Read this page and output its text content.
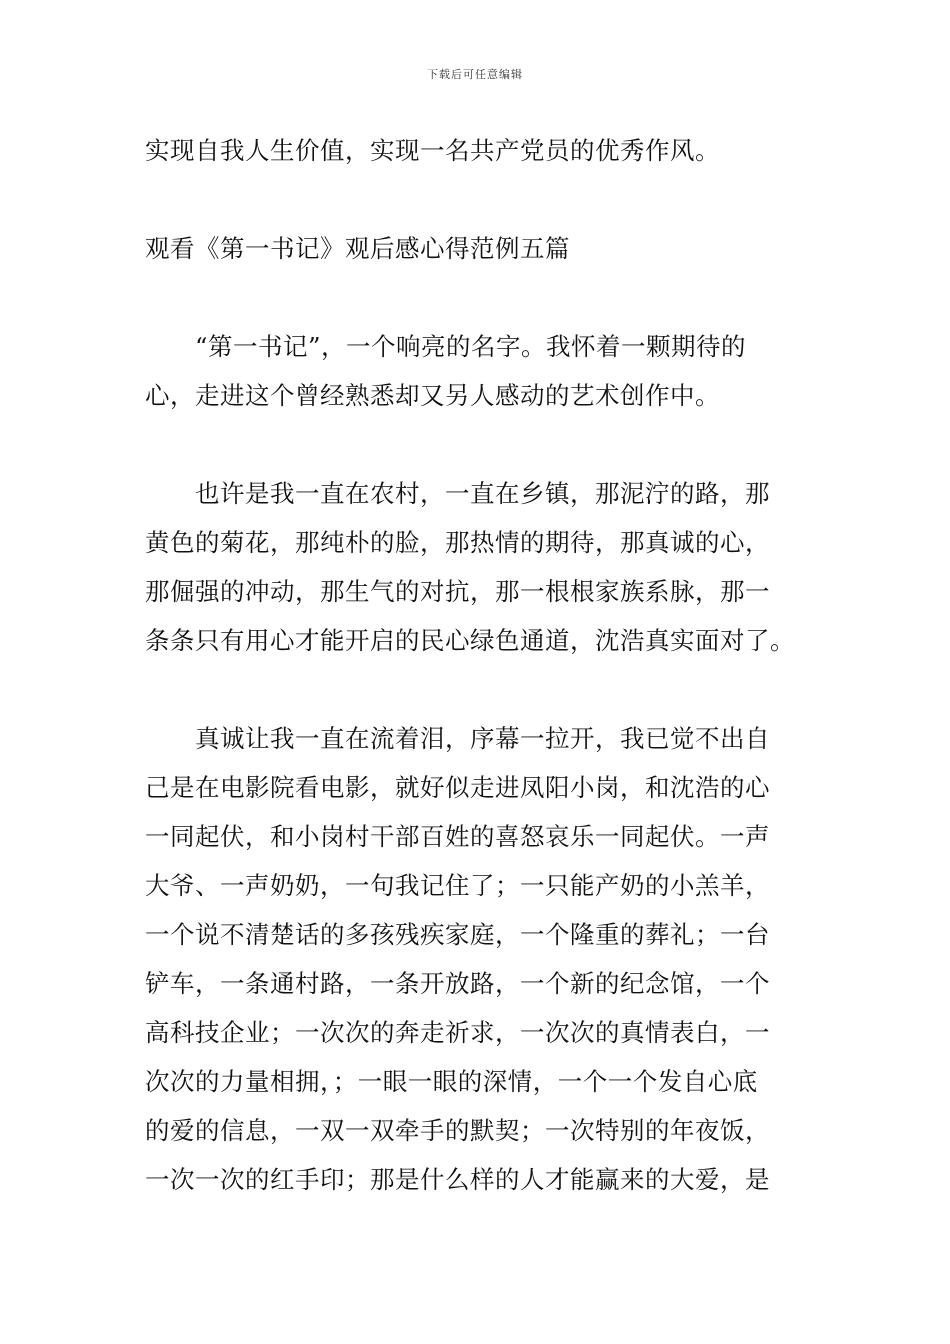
下载后可任意编辑

实现自我人生价值，实现一名共产党员的优秀作风。

观看《第一书记》观后感心得范例五篇

“第一书记”，一个响亮的名字。我怀着一颗期待的
心，走进这个曾经熟悉却又另人感动的艺术创作中。

也许是我一直在农村，一直在乡镇，那泥泞的路，那
黄色的菊花，那纯朴的脸，那热情的期待，那真诚的心，
那倔强的冲动，那生气的对抗，那一根根家族系脉，那一
条条只有用心才能开启的民心绿色通道，沈浩真实面对了。

真诚让我一直在流着泪，序幕一拉开，我已觉不出自
己是在电影院看电影，就好似走进凤阳小岗，和沈浩的心
一同起伏，和小岗村干部百姓的喜怒哀乐一同起伏。一声
大爷、一声奶奶，一句我记住了；一只能产奶的小羔羊，
一个说不清楚话的多孩残疾家庭，一个隆重的葬礼；一台
铲车，一条通村路，一条开放路，一个新的纪念馆，一个
高科技企业；一次次的奔走祈求，一次次的真情表白，一
次次的力量相拥，；一眼一眼的深情，一个一个发自心底
的爱的信息，一双一双牵手的默契；一次特别的年夜饭，
一次一次的红手印；那是什么样的人才能赢来的大爱，是
